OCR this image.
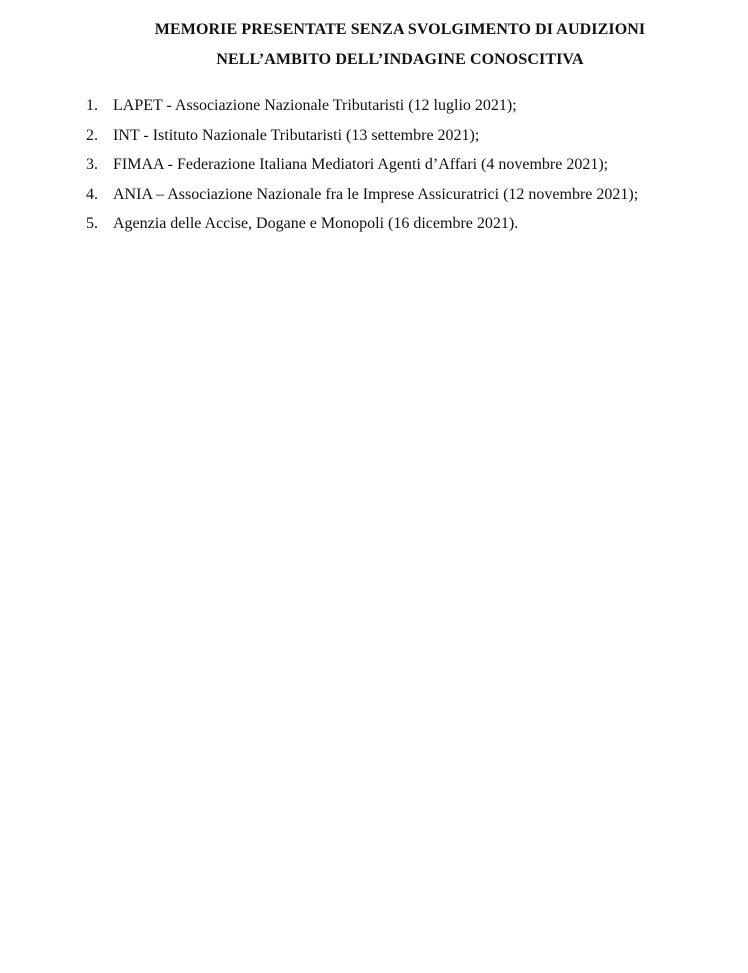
MEMORIE PRESENTATE SENZA SVOLGIMENTO DI AUDIZIONI
NELL’AMBITO DELL’INDAGINE CONOSCITIVA
1. LAPET - Associazione Nazionale Tributaristi (12 luglio 2021);
2. INT - Istituto Nazionale Tributaristi (13 settembre 2021);
3. FIMAA - Federazione Italiana Mediatori Agenti d’Affari (4 novembre 2021);
4. ANIA – Associazione Nazionale fra le Imprese Assicuratrici (12 novembre 2021);
5. Agenzia delle Accise, Dogane e Monopoli (16 dicembre 2021).
